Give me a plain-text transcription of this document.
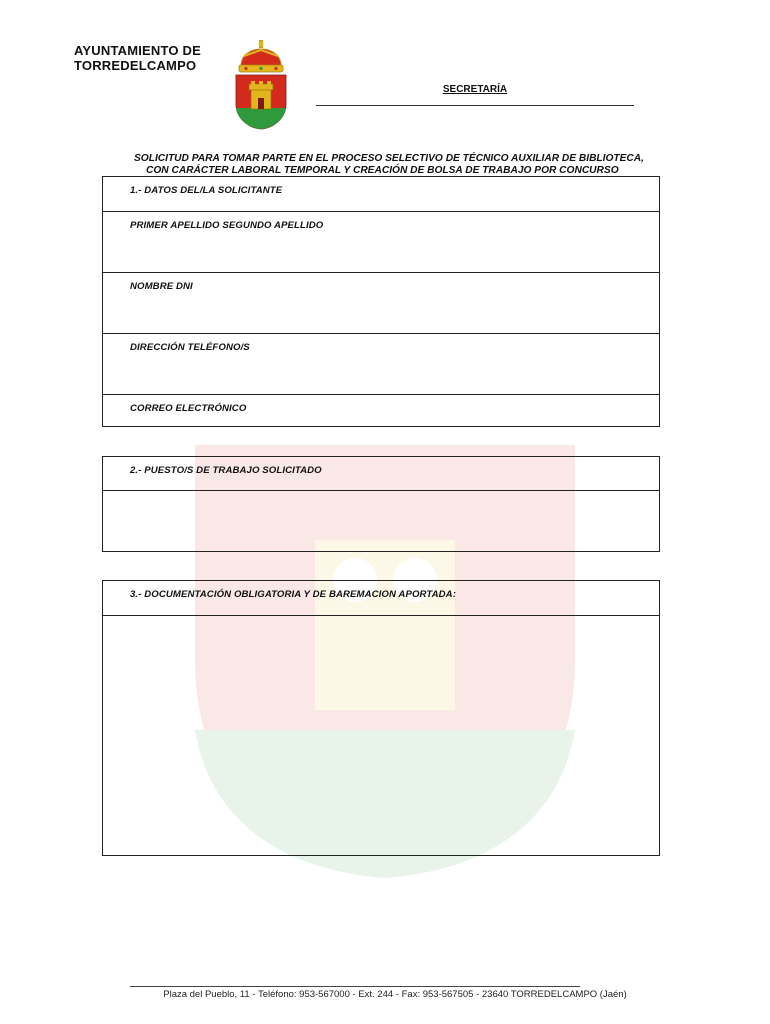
AYUNTAMIENTO DE
TORREDELCAMPO
SECRETARÍA
SOLICITUD PARA TOMAR PARTE EN EL PROCESO SELECTIVO DE TÉCNICO AUXILIAR DE BIBLIOTECA,
CON CARÁCTER LABORAL TEMPORAL Y CREACIÓN DE BOLSA DE TRABAJO POR CONCURSO
1.- DATOS DEL/LA SOLICITANTE
PRIMER APELLIDO SEGUNDO APELLIDO
NOMBRE DNI
DIRECCIÓN TELÉFONO/S
CORREO ELECTRÓNICO
2.- PUESTO/S DE TRABAJO SOLICITADO
3.- DOCUMENTACIÓN OBLIGATORIA Y DE BAREMACION APORTADA:
Plaza del Pueblo, 11 - Teléfono: 953-567000 - Ext. 244 - Fax: 953-567505 - 23640 TORREDELCAMPO (Jaén)
